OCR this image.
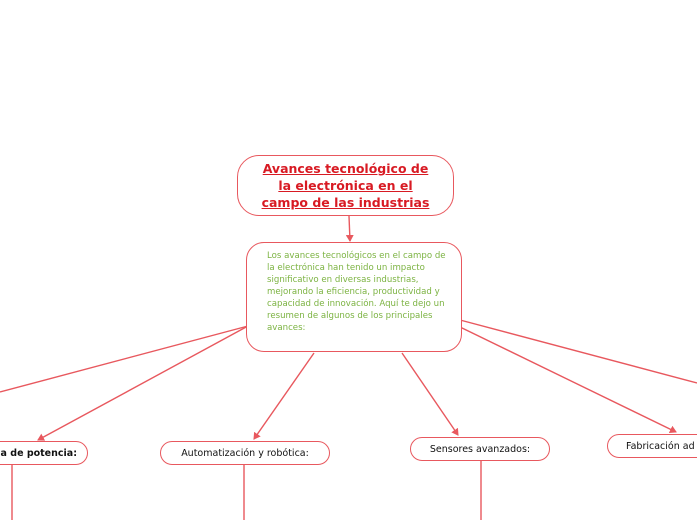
Avances tecnológico de la electrónica en el campo de las industrias
Los avances tecnológicos en el campo de la electrónica han tenido un impacto significativo en diversas industrias, mejorando la eficiencia, productividad y capacidad de innovación. Aquí te dejo un resumen de algunos de los principales avances:
a de potencia:	Automatización y robótica:	Sensores avanzados:	Fabricación ad
